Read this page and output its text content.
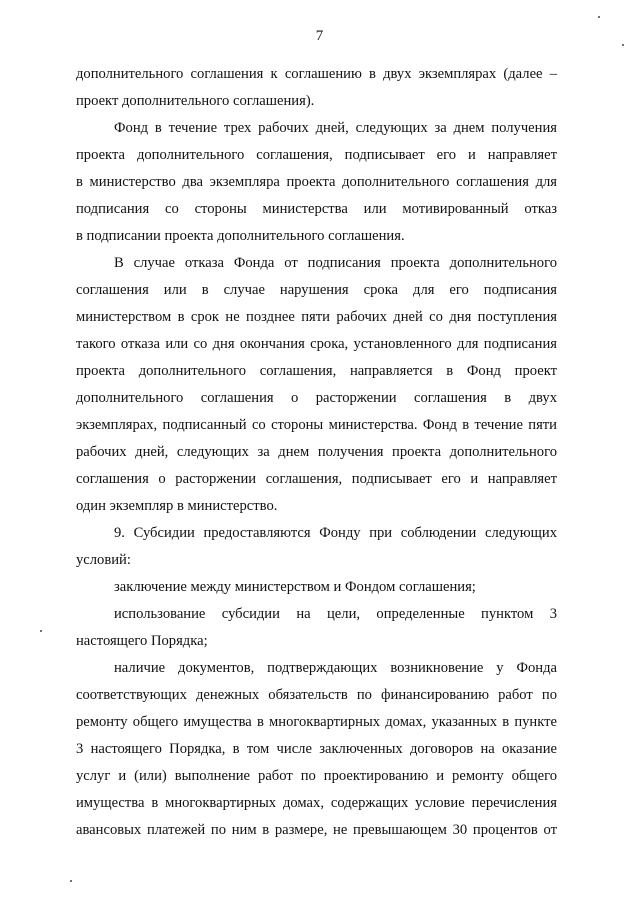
7
дополнительного соглашения к соглашению в двух экземплярах (далее –
проект дополнительного соглашения).
Фонд в течение трех рабочих дней, следующих за днем получения
проекта дополнительного соглашения, подписывает его и направляет
в министерство два экземпляра проекта дополнительного соглашения для
подписания со стороны министерства или мотивированный отказ
в подписании проекта дополнительного соглашения.
В случае отказа Фонда от подписания проекта дополнительного
соглашения или в случае нарушения срока для его подписания
министерством в срок не позднее пяти рабочих дней со дня поступления
такого отказа или со дня окончания срока, установленного для подписания
проекта дополнительного соглашения, направляется в Фонд проект
дополнительного соглашения о расторжении соглашения в двух
экземплярах, подписанный со стороны министерства. Фонд в течение пяти
рабочих дней, следующих за днем получения проекта дополнительного
соглашения о расторжении соглашения, подписывает его и направляет
один экземпляр в министерство.
9. Субсидии предоставляются Фонду при соблюдении следующих
условий:
заключение между министерством и Фондом соглашения;
использование субсидии на цели, определенные пунктом 3
настоящего Порядка;
наличие документов, подтверждающих возникновение у Фонда
соответствующих денежных обязательств по финансированию работ по
ремонту общего имущества в многоквартирных домах, указанных в пункте
3 настоящего Порядка, в том числе заключенных договоров на оказание
услуг и (или) выполнение работ по проектированию и ремонту общего
имущества в многоквартирных домах, содержащих условие перечисления
авансовых платежей по ним в размере, не превышающем 30 процентов от
